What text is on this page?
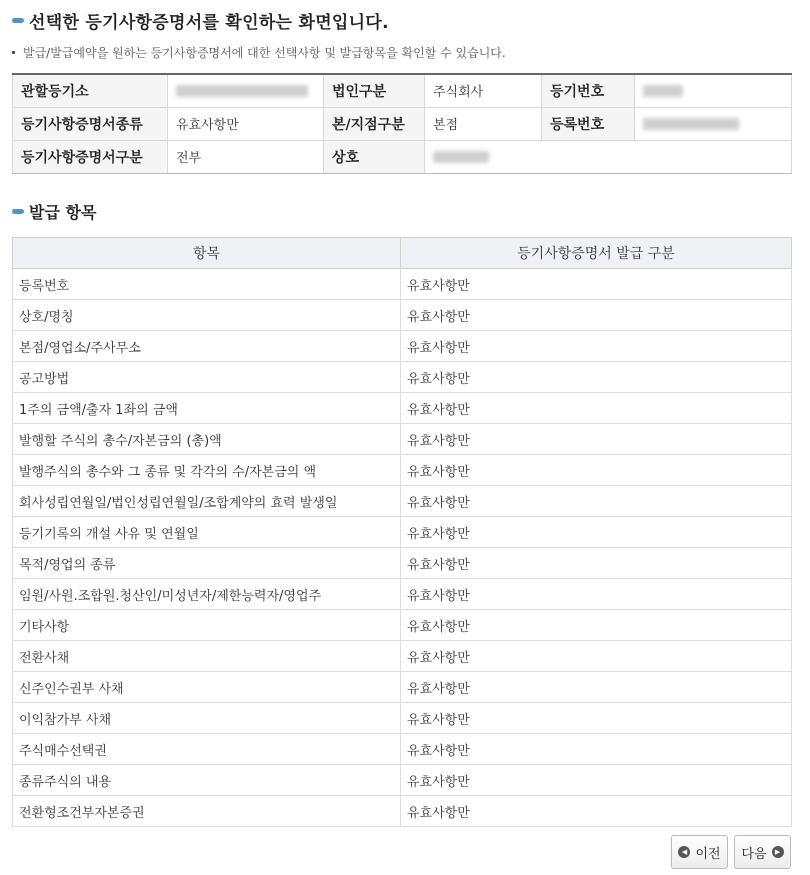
선택한 등기사항증명서를 확인하는 화면입니다.
발급/발급예약을 원하는 등기사항증명서에 대한 선택사항 및 발급항목을 확인할 수 있습니다.
관할등기소		법인구분	주식회사	등기번호	
등기사항증명서종류	유효사항만	본/지점구분	본점	등록번호	
등기사항증명서구분	전부	상호			
발급 항목
항목	등기사항증명서 발급 구분
등록번호	유효사항만
상호/명칭	유효사항만
본점/영업소/주사무소	유효사항만
공고방법	유효사항만
1주의 금액/출자 1좌의 금액	유효사항만
발행할 주식의 총수/자본금의 (총)액	유효사항만
발행주식의 총수와 그 종류 및 각각의 수/자본금의 액	유효사항만
회사성립연월일/법인성립연월일/조합계약의 효력 발생일	유효사항만
등기기록의 개설 사유 및 연월일	유효사항만
목적/영업의 종류	유효사항만
임원/사원.조합원.청산인/미성년자/제한능력자/영업주	유효사항만
기타사항	유효사항만
전환사채	유효사항만
신주인수권부 사채	유효사항만
이익참가부 사채	유효사항만
주식매수선택권	유효사항만
종류주식의 내용	유효사항만
전환형조건부자본증권	유효사항만
◀ 이전 다음	▶
